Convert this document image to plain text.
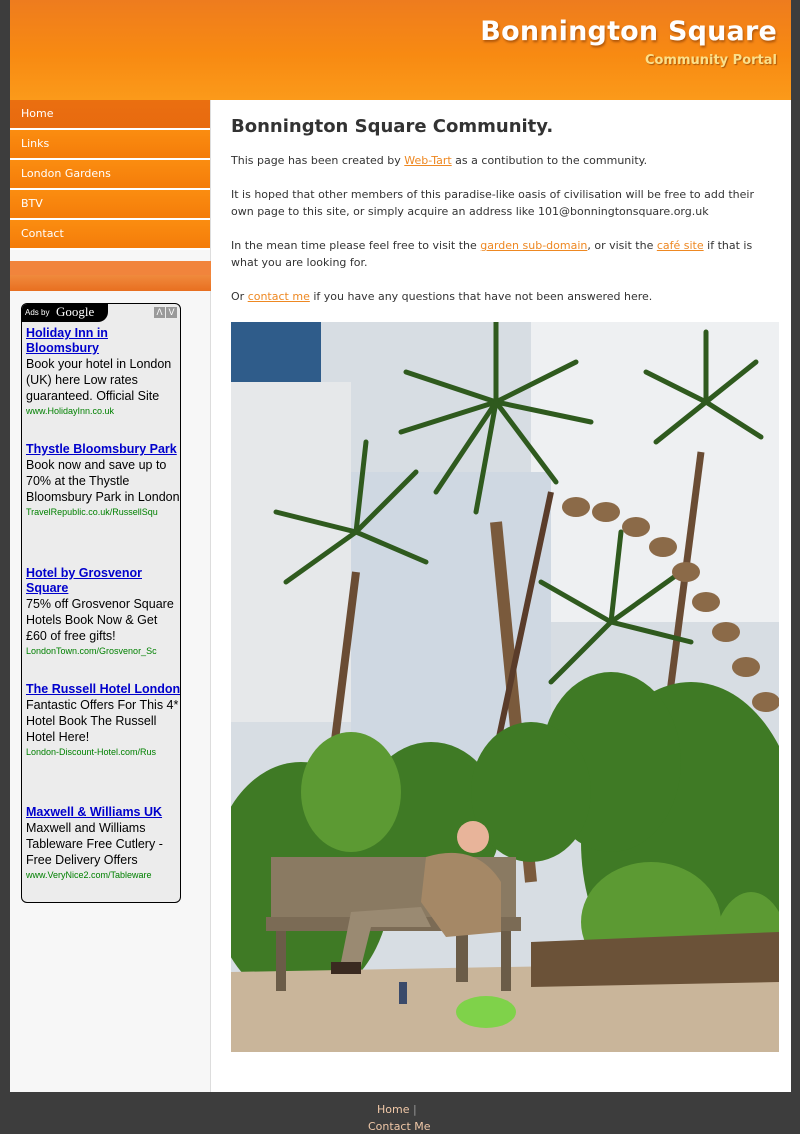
Bonnington Square
Community Portal
Home
Links
London Gardens
BTV
Contact
Ads by Google	Λ V
Holiday Inn in Bloomsbury
Book your hotel in London (UK) here Low rates guaranteed. Official Site
www.HolidayInn.co.uk
Thystle Bloomsbury Park
Book now and save up to 70% at the Thystle Bloomsbury Park in London
TravelRepublic.co.uk/RussellSqu
Hotel by Grosvenor Square
75% off Grosvenor Square Hotels Book Now & Get £60 of free gifts!
LondonTown.com/Grosvenor_Sc
The Russell Hotel London
Fantastic Offers For This 4* Hotel Book The Russell Hotel Here!
London-Discount-Hotel.com/Rus
Maxwell & Williams UK
Maxwell and Williams Tableware Free Cutlery - Free Delivery Offers
www.VeryNice2.com/Tableware
Bonnington Square Community.

This page has been created by Web-Tart as a contibution to the community.

It is hoped that other members of this paradise-like oasis of civilisation will be free to add their own page to this site, or simply acquire an address like 101@bonningtonsquare.org.uk

In the mean time please feel free to visit the garden sub-domain, or visit the café site if that is what you are looking for.

Or contact me if you have any questions that have not been answered here.

Home |
Contact Me
